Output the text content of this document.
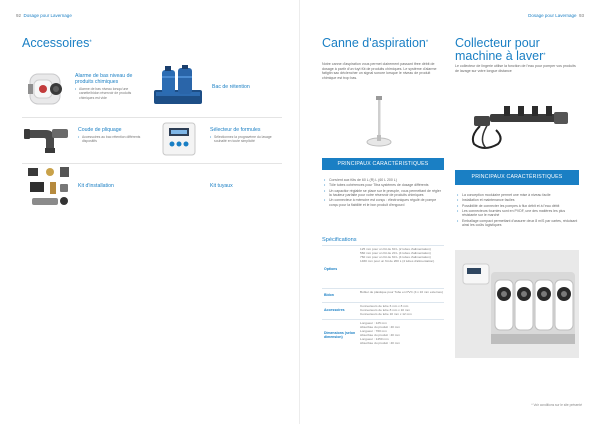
92 Dosage pour Lavernage
Accessoires*
Alarme de bas niveau de produits chimiques
• Alarme de bas niveau lorsqu'une canette/bidon réservoir de produits chimiques est vide
Bac de rétention
Coude de pliquage
• Accessoires au bac rétention différents dispositifs
Sélecteur de formules
• Sélectionnez la progravème du lavage souhaité en toute simplicité
Kit d'installation	Kit tuyaux
Dosage pour Lavernage 93
Canne d'aspiration*
Notre canne d'aspiration vous permet clairement passant ifree débit de dosage à partir d'un tuyt fût de produits chimiques. Le système d'alarme fatigtin sac déclencher un signal sonore lorsque le niveau de produit chimique est trop bas.
PRINCIPAUX CARACTÉRISTIQUES
• Convient aux fûts de 60 L (R) L (60 L 200 L)
• Tôle tubes cohérences pour Titra systèmes de dosage différents
• Un capacitor réglable se place sur le pneuple, vous permettant de régler la hauteur parfaite pour votre réservoir de produits chimiques
• Un connecteur à mémoire est conçu : électroniques régulé de pompe conçu pour la fiabilité et le bon produit d'engourd
Spécifications
Options
125 mm pour un fût de 60 L (2 tubes d'alimentation)
560 mm pour un fût de 20 L (4 tubes d'alimentation)
760 mm pour un fût de 60 L (4 tubes d'alimentation)
1460 mm pour un fût de 200 L (4 tubes d'alimentation)
Bidon
Boîtier de plastique pour Tube en PVC (4 x 10 mm externes)
Accessoires
Connecteurs de tube 6 mm x 8 mm
Connecteurs de tube 8 mm x 10 mm
Connecteurs de tube 10 mm x 12 mm
Dimensions (selon dimension)
Longueur : 125 mm
Absorbée du produit : 40 mm
Longueur : 760 mm
Absorbée du produit : 40 mm
Longueur : 1450 mm
Absorbée du produit : 40 mm
Collecteur pour machine à laver*
Le collecteur de lingerie utilise la fonction de l'eau pour pomper vos produits de lavage sur votre longue distance
PRINCIPAUX CARACTÉRISTIQUES
• La conception modulaire permet une mise à niveau facile
• Installation et maintenance faciles
• Possibilité de connecter les pompes à flux débit et à l'eau débit
• Les connecteurs fournies sont en PVDF, une des matières les plus résistante sur le marché
• Emballage compact permettant d'assurer deux 8 m/S par cartes, réduisant ainsi les coûts logistiques
* Voir conditions sur le site présenté
